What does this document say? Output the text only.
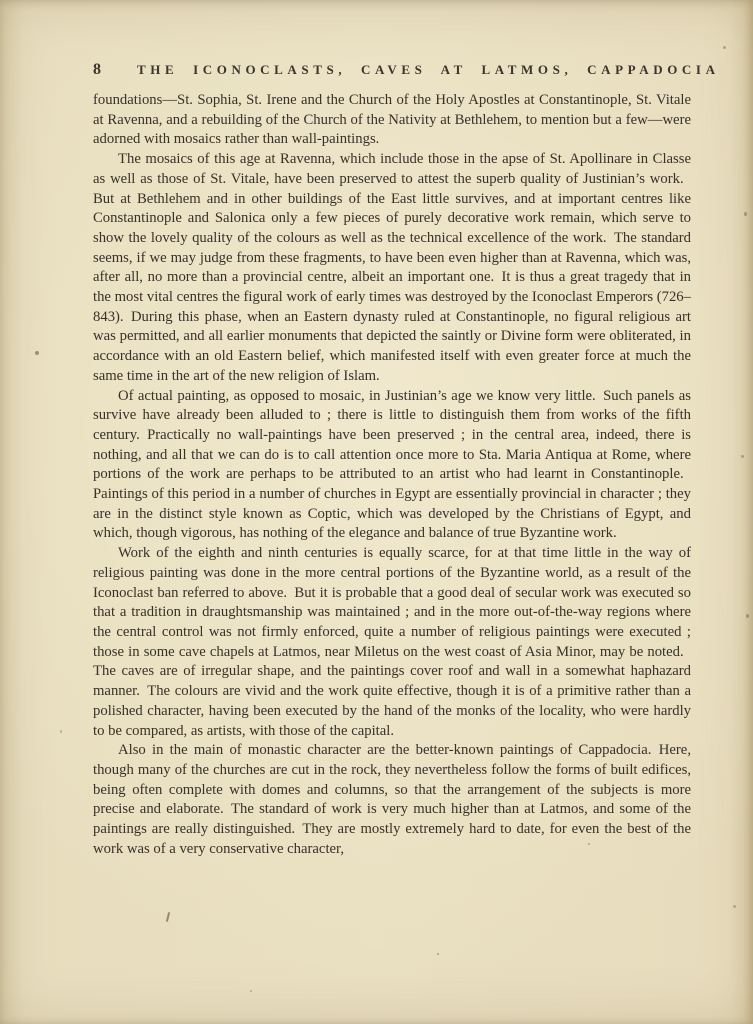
8	THE ICONOCLASTS, CAVES AT LATMOS, CAPPADOCIA

foundations—St. Sophia, St. Irene and the Church of the Holy Apostles at Constantinople, St. Vitale at Ravenna, and a rebuilding of the Church of the Nativity at Bethlehem, to mention but a few—were adorned with mosaics rather than wall-paintings.

The mosaics of this age at Ravenna, which include those in the apse of St. Apollinare in Classe as well as those of St. Vitale, have been preserved to attest the superb quality of Justinian’s work. But at Bethlehem and in other buildings of the East little survives, and at important centres like Constantinople and Salonica only a few pieces of purely decorative work remain, which serve to show the lovely quality of the colours as well as the technical excellence of the work. The standard seems, if we may judge from these fragments, to have been even higher than at Ravenna, which was, after all, no more than a provincial centre, albeit an important one. It is thus a great tragedy that in the most vital centres the figural work of early times was destroyed by the Iconoclast Emperors (726–843). During this phase, when an Eastern dynasty ruled at Constantinople, no figural religious art was permitted, and all earlier monuments that depicted the saintly or Divine form were obliterated, in accordance with an old Eastern belief, which manifested itself with even greater force at much the same time in the art of the new religion of Islam.

Of actual painting, as opposed to mosaic, in Justinian’s age we know very little. Such panels as survive have already been alluded to ; there is little to distinguish them from works of the fifth century. Practically no wall-paintings have been preserved ; in the central area, indeed, there is nothing, and all that we can do is to call attention once more to Sta. Maria Antiqua at Rome, where portions of the work are perhaps to be attributed to an artist who had learnt in Constantinople. Paintings of this period in a number of churches in Egypt are essentially provincial in character ; they are in the distinct style known as Coptic, which was developed by the Christians of Egypt, and which, though vigorous, has nothing of the elegance and balance of true Byzantine work.

Work of the eighth and ninth centuries is equally scarce, for at that time little in the way of religious painting was done in the more central portions of the Byzantine world, as a result of the Iconoclast ban referred to above. But it is probable that a good deal of secular work was executed so that a tradition in draughtsmanship was maintained ; and in the more out-of-the-way regions where the central control was not firmly enforced, quite a number of religious paintings were executed ; those in some cave chapels at Latmos, near Miletus on the west coast of Asia Minor, may be noted. The caves are of irregular shape, and the paintings cover roof and wall in a somewhat haphazard manner. The colours are vivid and the work quite effective, though it is of a primitive rather than a polished character, having been executed by the hand of the monks of the locality, who were hardly to be compared, as artists, with those of the capital.

Also in the main of monastic character are the better-known paintings of Cappadocia. Here, though many of the churches are cut in the rock, they nevertheless follow the forms of built edifices, being often complete with domes and columns, so that the arrangement of the subjects is more precise and elaborate. The standard of work is very much higher than at Latmos, and some of the paintings are really distinguished. They are mostly extremely hard to date, for even the best of the work was of a very conservative character,
